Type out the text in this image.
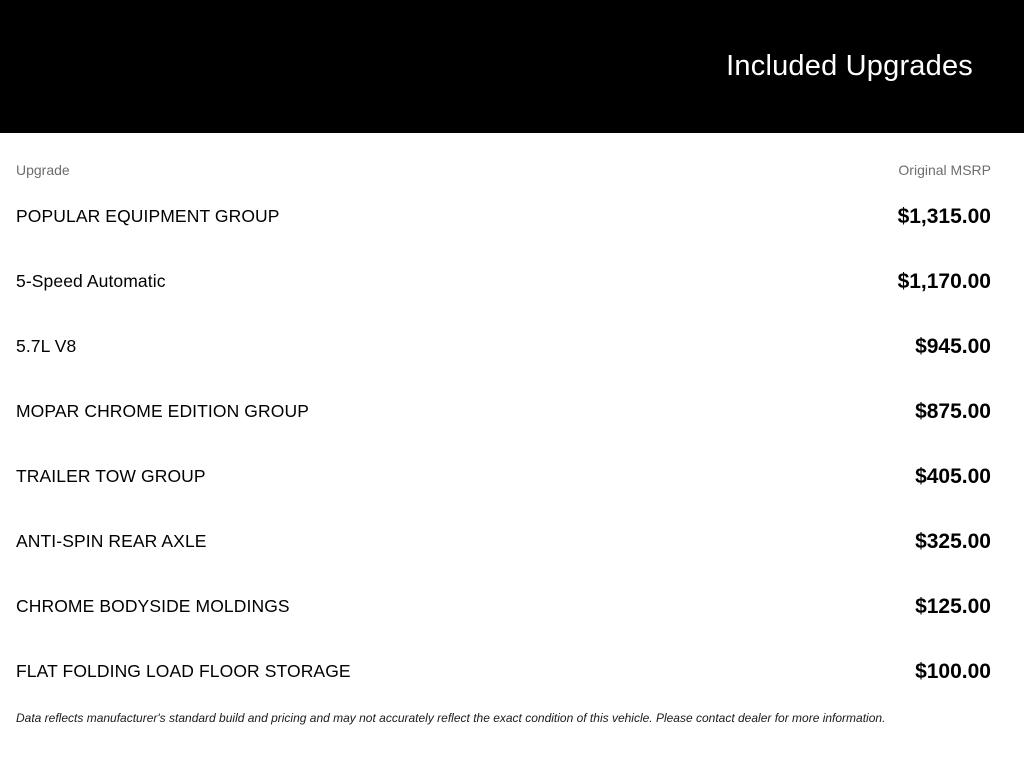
Included Upgrades
Upgrade	Original MSRP
POPULAR EQUIPMENT GROUP	$1,315.00
5-Speed Automatic	$1,170.00
5.7L V8	$945.00
MOPAR CHROME EDITION GROUP	$875.00
TRAILER TOW GROUP	$405.00
ANTI-SPIN REAR AXLE	$325.00
CHROME BODYSIDE MOLDINGS	$125.00
FLAT FOLDING LOAD FLOOR STORAGE	$100.00
Data reflects manufacturer's standard build and pricing and may not accurately reflect the exact condition of this vehicle. Please contact dealer for more information.
